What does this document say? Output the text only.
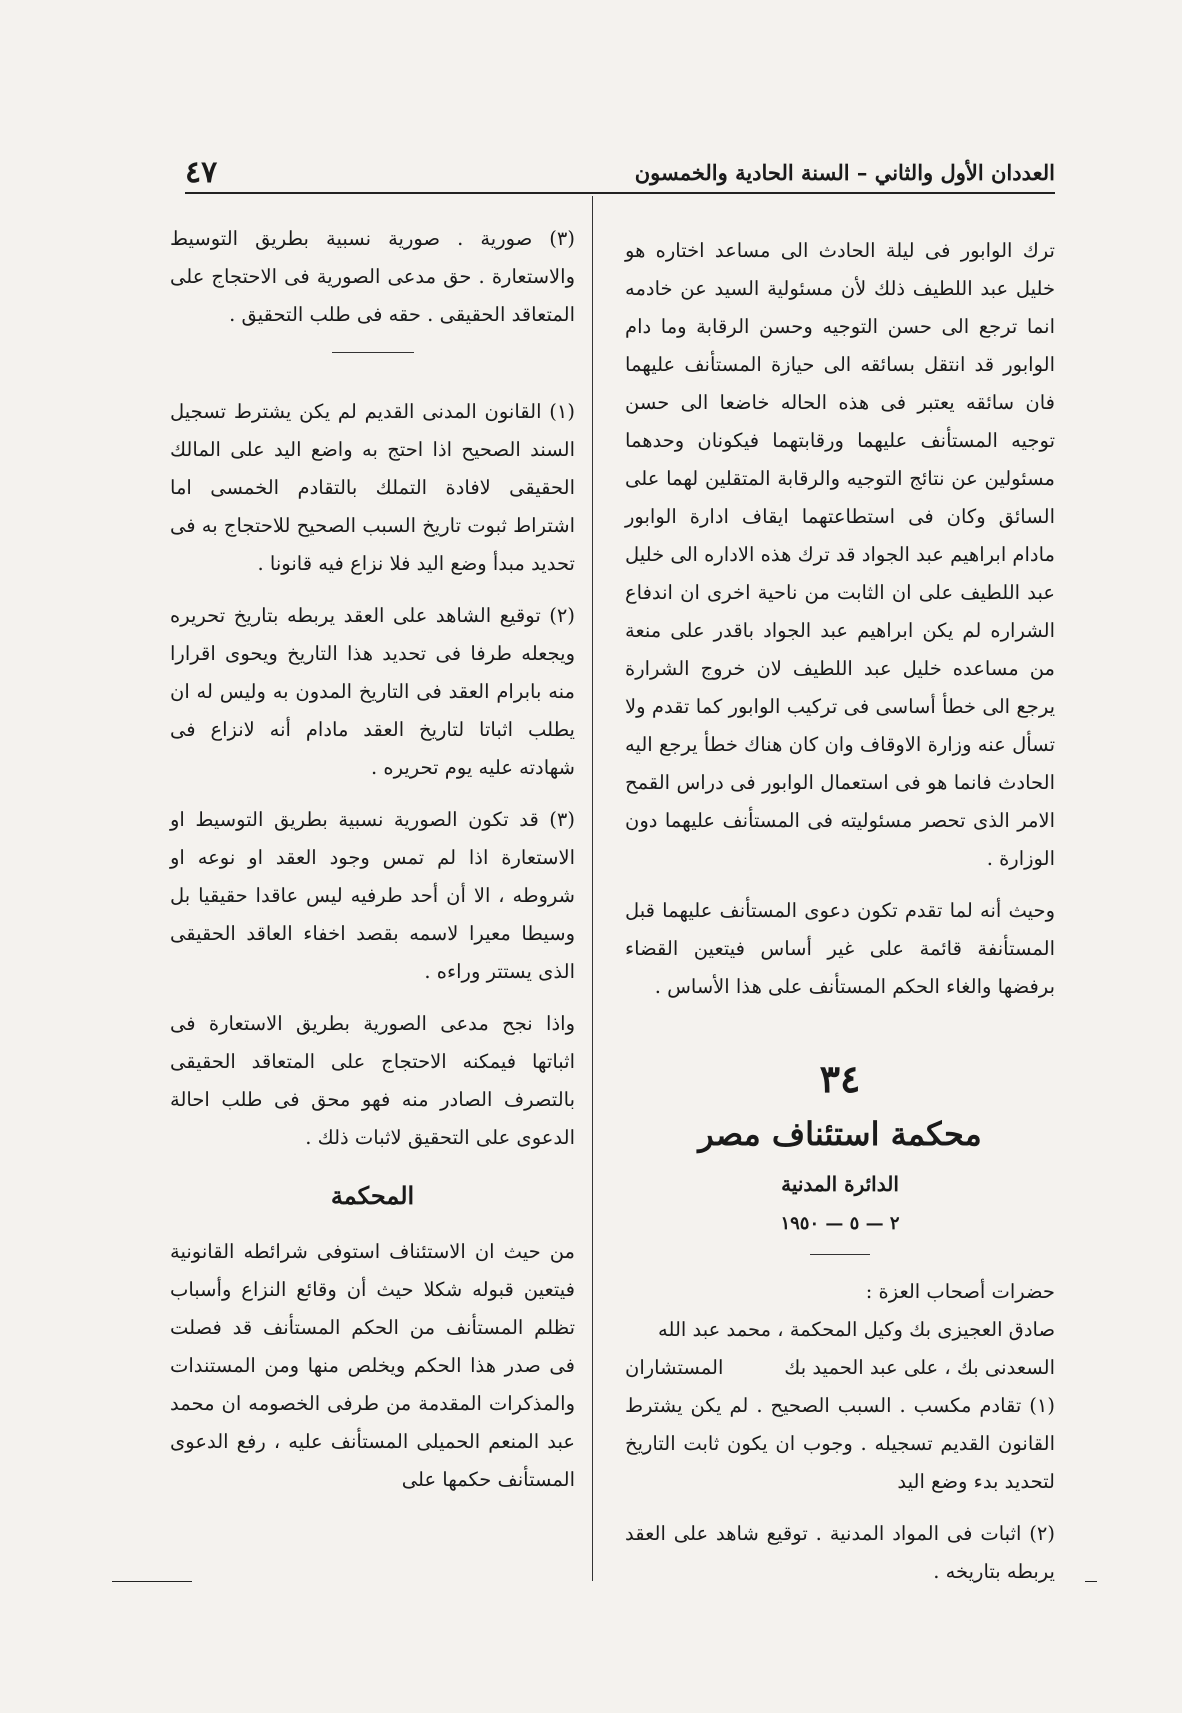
العددان الأول والثاني – السنة الحادية والخمسون
٤٧

ترك الوابور فى ليلة الحادث الى مساعد اختاره هو خليل عبد اللطيف ذلك لأن مسئولية السيد عن خادمه انما ترجع الى حسن التوجيه وحسن الرقابة وما دام الوابور قد انتقل بسائقه الى حيازة المستأنف عليهما فان سائقه يعتبر فى هذه الحاله خاضعا الى حسن توجيه المستأنف عليهما ورقابتهما فيكونان وحدهما مسئولين عن نتائج التوجيه والرقابة المتقلين لهما على السائق وكان فى استطاعتهما ايقاف ادارة الوابور مادام ابراهيم عبد الجواد قد ترك هذه الاداره الى خليل عبد اللطيف على ان الثابت من ناحية اخرى ان اندفاع الشراره لم يكن ابراهيم عبد الجواد باقدر على منعة من مساعده خليل عبد اللطيف لان خروج الشرارة يرجع الى خطأ أساسى فى تركيب الوابور كما تقدم ولا تسأل عنه وزارة الاوقاف وان كان هناك خطأ يرجع اليه الحادث فانما هو فى استعمال الوابور فى دراس القمح الامر الذى تحصر مسئوليته فى المستأنف عليهما دون الوزارة .

وحيث أنه لما تقدم تكون دعوى المستأنف عليهما قبل المستأنفة قائمة على غير أساس فيتعين القضاء برفضها والغاء الحكم المستأنف على هذا الأساس .

٣٤
محكمة استئناف مصر
الدائرة المدنية
٢ — ٥ — ١٩٥٠

حضرات أصحاب العزة :

صادق العجيزى بك وكيل المحكمة ، محمد عبد الله

السعدنى بك ، على عبد الحميد بك
المستشاران

(١) تقادم مكسب . السبب الصحيح . لم يكن يشترط القانون القديم تسجيله . وجوب ان يكون ثابت التاريخ لتحديد بدء وضع اليد

(٢) اثبات فى المواد المدنية . توقيع شاهد على العقد يربطه بتاريخه .

(٣) صورية . صورية نسبية بطريق التوسيط والاستعارة . حق مدعى الصورية فى الاحتجاج على المتعاقد الحقيقى . حقه فى طلب التحقيق .

(١) القانون المدنى القديم لم يكن يشترط تسجيل السند الصحيح اذا احتج به واضع اليد على المالك الحقيقى لافادة التملك بالتقادم الخمسى اما اشتراط ثبوت تاريخ السبب الصحيح للاحتجاج به فى تحديد مبدأ وضع اليد فلا نزاع فيه قانونا .

(٢) توقيع الشاهد على العقد يربطه بتاريخ تحريره ويجعله طرفا فى تحديد هذا التاريخ ويحوى اقرارا منه بابرام العقد فى التاريخ المدون به وليس له ان يطلب اثباتا لتاريخ العقد مادام أنه لانزاع فى شهادته عليه يوم تحريره .

(٣) قد تكون الصورية نسبية بطريق التوسيط او الاستعارة اذا لم تمس وجود العقد او نوعه او شروطه ، الا أن أحد طرفيه ليس عاقدا حقيقيا بل وسيطا معيرا لاسمه بقصد اخفاء العاقد الحقيقى الذى يستتر وراءه .

واذا نجح مدعى الصورية بطريق الاستعارة فى اثباتها فيمكنه الاحتجاج على المتعاقد الحقيقى بالتصرف الصادر منه فهو محق فى طلب احالة الدعوى على التحقيق لاثبات ذلك .

المحكمة

من حيث ان الاستئناف استوفى شرائطه القانونية فيتعين قبوله شكلا حيث أن وقائع النزاع وأسباب تظلم المستأنف من الحكم المستأنف قد فصلت فى صدر هذا الحكم ويخلص منها ومن المستندات والمذكرات المقدمة من طرفى الخصومه ان محمد عبد المنعم الحميلى المستأنف عليه ، رفع الدعوى المستأنف حكمها على
